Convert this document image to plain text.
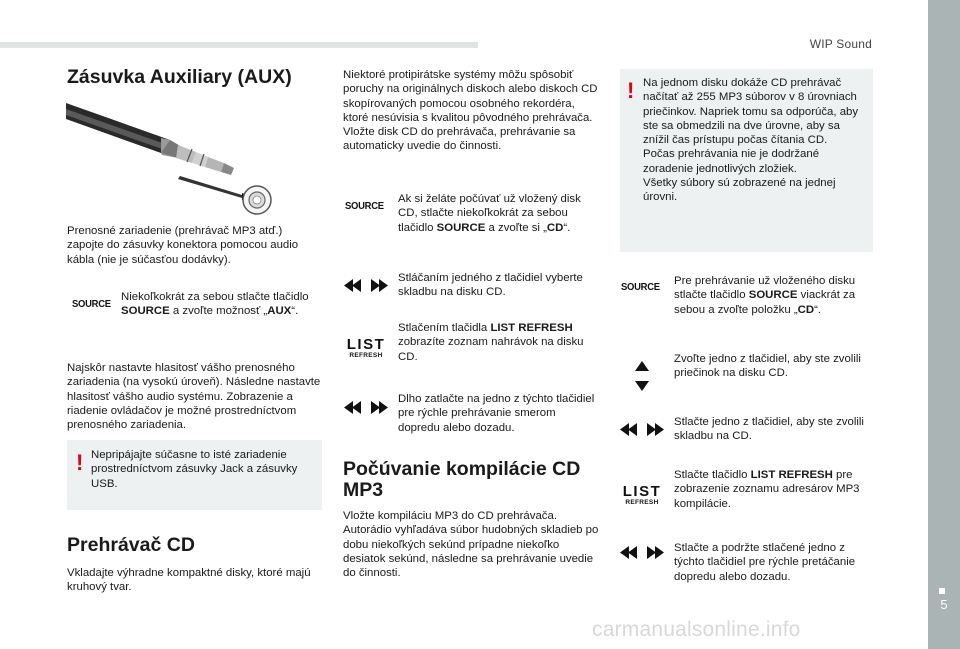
WIP Sound
5
Zásuvka Auxiliary (AUX)
Prenosné zariadenie (prehrávač MP3 atď.) zapojte do zásuvky konektora pomocou audio kábla (nie je súčasťou dodávky).
SOURCE
Niekoľkokrát za sebou stlačte tlačidlo SOURCE a zvoľte možnosť „AUX“.
Najskôr nastavte hlasitosť vášho prenosného zariadenia (na vysokú úroveň). Následne nastavte hlasitosť vášho audio systému. Zobrazenie a riadenie ovládačov je možné prostredníctvom prenosného zariadenia.
! Nepripájajte súčasne to isté zariadenie prostredníctvom zásuvky Jack a zásuvky USB.
Prehrávač CD
Vkladajte výhradne kompaktné disky, ktoré majú kruhový tvar.
Niektoré protipirátske systémy môžu spôsobiť poruchy na originálnych diskoch alebo diskoch CD skopírovaných pomocou osobného rekordéra, ktoré nesúvisia s kvalitou pôvodného prehrávača.
Vložte disk CD do prehrávača, prehrávanie sa automaticky uvedie do činnosti.
SOURCE
Ak si želáte počúvať už vložený disk CD, stlačte niekoľkokrát za sebou tlačidlo SOURCE a zvoľte si „CD“.
Stláčaním jedného z tlačidiel vyberte skladbu na disku CD.
LIST
REFRESH
Stlačením tlačidla LIST REFRESH zobrazíte zoznam nahrávok na disku CD.
Dlho zatlačte na jedno z týchto tlačidiel pre rýchle prehrávanie smerom dopredu alebo dozadu.
Počúvanie kompilácie CD MP3
Vložte kompiláciu MP3 do CD prehrávača.
Autorádio vyhľadáva súbor hudobných skladieb po dobu niekoľkých sekúnd prípadne niekoľko desiatok sekúnd, následne sa prehrávanie uvedie do činnosti.
! Na jednom disku dokáže CD prehrávač načítať až 255 MP3 súborov v 8 úrovniach priečinkov. Napriek tomu sa odporúča, aby ste sa obmedzili na dve úrovne, aby sa znížil čas prístupu počas čítania CD.
Počas prehrávania nie je dodržané zoradenie jednotlivých zložiek.
Všetky súbory sú zobrazené na jednej úrovni.
SOURCE Pre prehrávanie už vloženého disku stlačte tlačidlo SOURCE viackrát za sebou a zvoľte položku „CD“.
Zvoľte jedno z tlačidiel, aby ste zvolili priečinok na disku CD.
Stlačte jedno z tlačidiel, aby ste zvolili skladbu na CD.
LIST
REFRESH
Stlačte tlačidlo LIST REFRESH pre zobrazenie zoznamu adresárov MP3 kompilácie.
Stlačte a podržte stlačené jedno z týchto tlačidiel pre rýchle pretáčanie dopredu alebo dozadu.
carmanualsonline.info
